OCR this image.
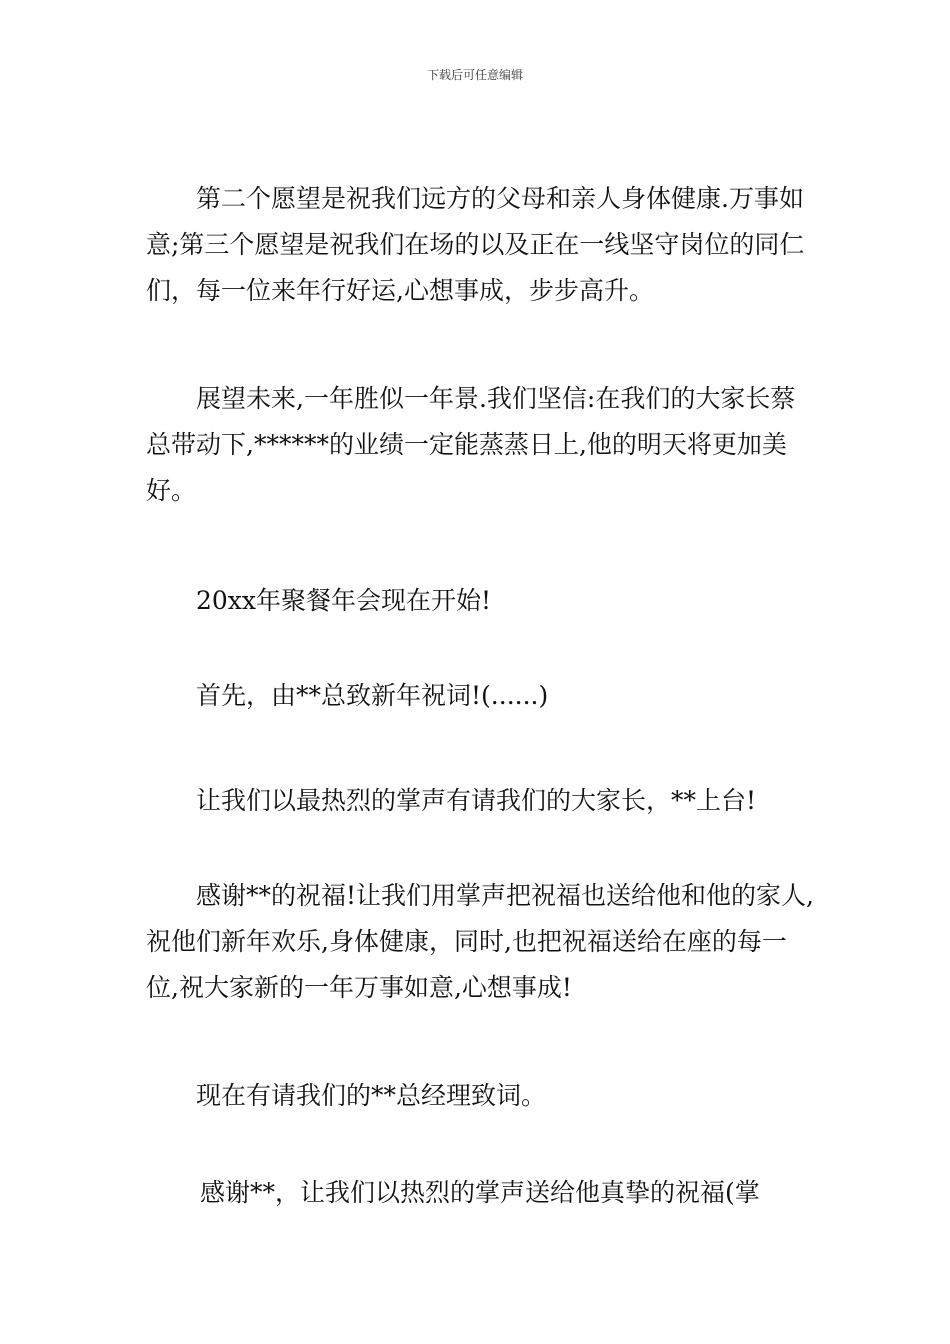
下载后可任意编辑

第二个愿望是祝我们远方的父母和亲人身体健康.万事如意;第三个愿望是祝我们在场的以及正在一线坚守岗位的同仁们，每一位来年行好运,心想事成，步步高升。

展望未来,一年胜似一年景.我们坚信:在我们的大家长蔡总带动下,******的业绩一定能蒸蒸日上,他的明天将更加美好。

20xx年聚餐年会现在开始!

首先，由**总致新年祝词!(......)

让我们以最热烈的掌声有请我们的大家长，**上台!

感谢**的祝福!让我们用掌声把祝福也送给他和他的家人,祝他们新年欢乐,身体健康，同时,也把祝福送给在座的每一位,祝大家新的一年万事如意,心想事成!

现在有请我们的**总经理致词。

感谢**，让我们以热烈的掌声送给他真挚的祝福(掌
